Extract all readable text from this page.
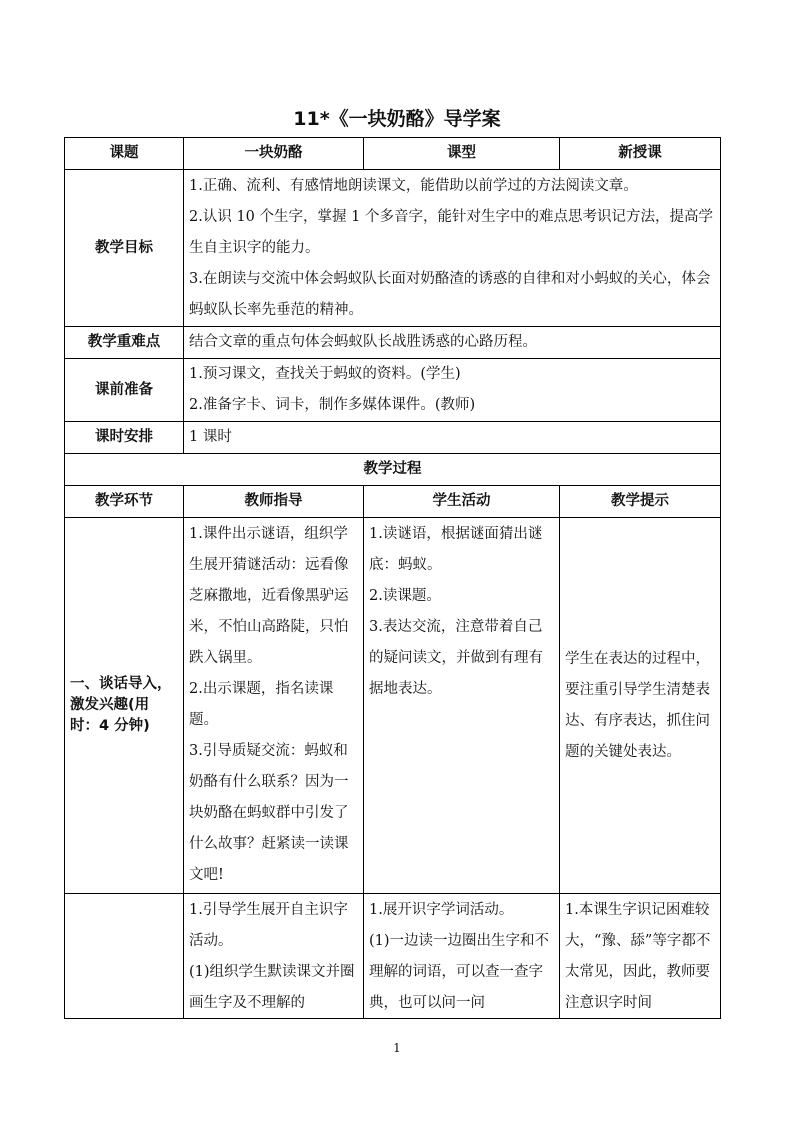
11*《一块奶酪》导学案
课题	一块奶酪	课型	新授课
教学目标	1.正确、流利、有感情地朗读课文，能借助以前学过的方法阅读文章。
2.认识 10 个生字，掌握 1 个多音字，能针对生字中的难点思考识记方法，提高学生自主识字的能力。
3.在朗读与交流中体会蚂蚁队长面对奶酪渣的诱惑的自律和对小蚂蚁的关心，体会蚂蚁队长率先垂范的精神。		

教学重难点	结合文章的重点句体会蚂蚁队长战胜诱惑的心路历程。		
课前准备	1.预习课文，查找关于蚂蚁的资料。(学生)
2.准备字卡、词卡，制作多媒体课件。(教师)		

课时安排	1 课时		
教学过程			
教学环节	教师指导	学生活动	教学提示
一、谈话导入，激发兴趣(用时：4 分钟)	1.课件出示谜语，组织学生展开猜谜活动：远看像芝麻撒地，近看像黑驴运米，不怕山高路陡，只怕跌入锅里。
2.出示课题，指名读课题。
3.引导质疑交流：蚂蚁和奶酪有什么联系？因为一块奶酪在蚂蚁群中引发了什么故事？赶紧读一读课文吧!	1.读谜语，根据谜面猜出谜底：蚂蚁。
2.读课题。
3.表达交流，注意带着自己的疑问读文，并做到有理有据地表达。	学生在表达的过程中，要注重引导学生清楚表达、有序表达，抓住问题的关键处表达。

	1.引导学生展开自主识字活动。
(1)组织学生默读课文并圈画生字及不理解的	1.展开识字学词活动。
(1)一边读一边圈出生字和不理解的词语，可以查一查字典，也可以问一问	1.本课生字识记困难较大，“豫、舔”等字都不太常见，因此，教师要注意识字时间
1
